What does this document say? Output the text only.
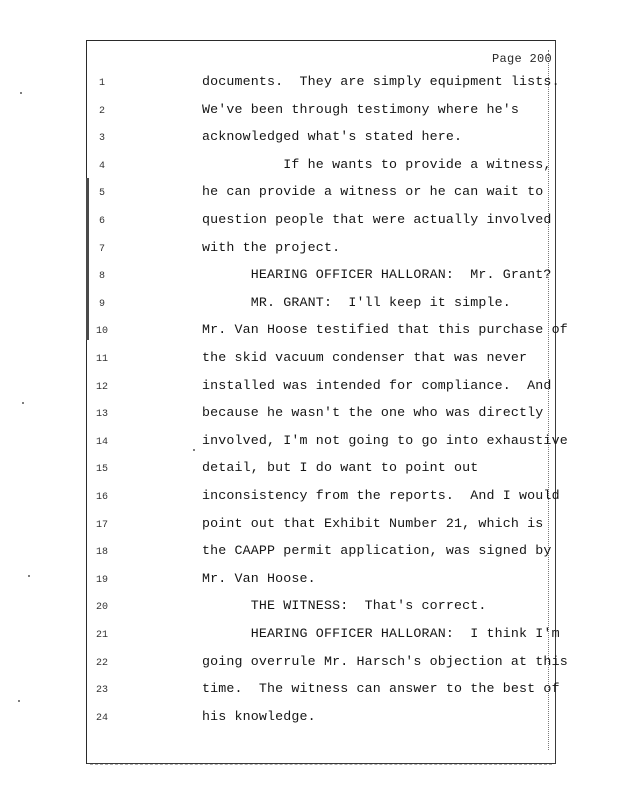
Page 200
1	documents.  They are simply equipment lists.
2	We've been through testimony where he's
3	acknowledged what's stated here.
4	If he wants to provide a witness,
5	he can provide a witness or he can wait to
6	question people that were actually involved
7	with the project.
8	HEARING OFFICER HALLORAN:  Mr. Grant?
9	MR. GRANT:  I'll keep it simple.
10	Mr. Van Hoose testified that this purchase of
11	the skid vacuum condenser that was never
12	installed was intended for compliance.  And
13	because he wasn't the one who was directly
14	involved, I'm not going to go into exhaustive
15	detail, but I do want to point out
16	inconsistency from the reports.  And I would
17	point out that Exhibit Number 21, which is
18	the CAAPP permit application, was signed by
19	Mr. Van Hoose.
20	THE WITNESS:  That's correct.
21	HEARING OFFICER HALLORAN:  I think I'm
22	going overrule Mr. Harsch's objection at this
23	time.  The witness can answer to the best of
24	his knowledge.
